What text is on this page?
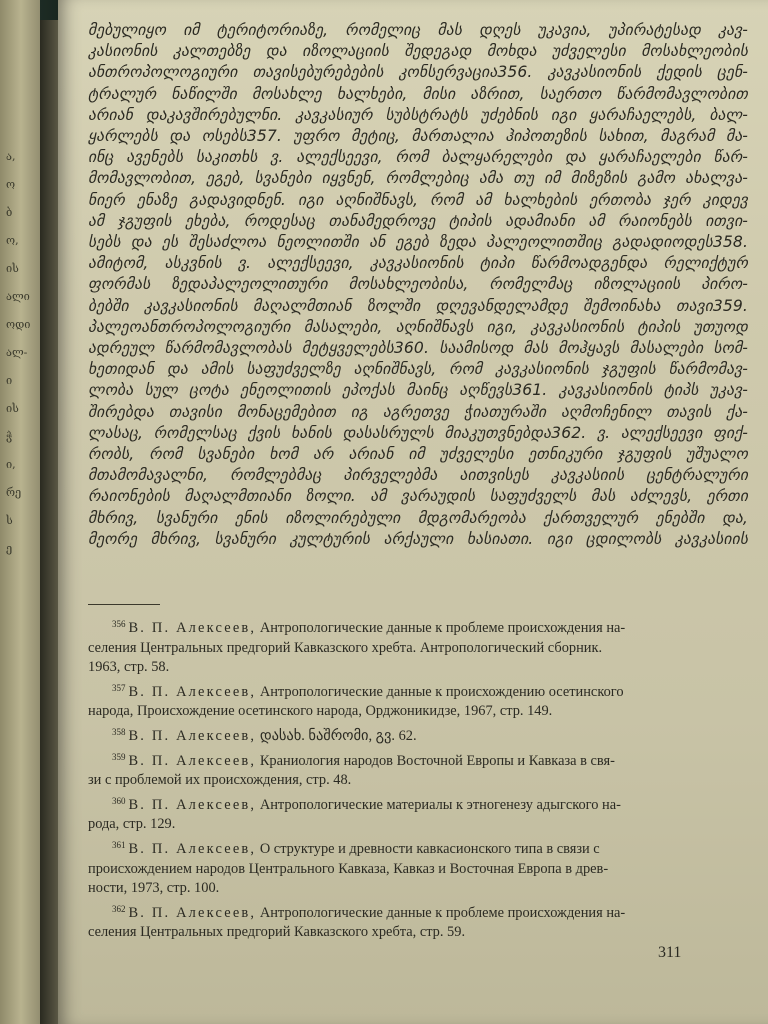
ა,
ო
ბ
ო,
ის
ალი
ოდი
ალ-
ი
ის
ჭ
ი,
რე
ს
ე

მებულიყო იმ ტერიტორიაზე, რომელიც მას დღეს უკავია, უპირატესად კავ-

კასიონის კალთებზე და იზოლაციის შედეგად მოხდა უძველესი მოსახლეობის

ანთროპოლოგიური თავისებურებების კონსერვაცია356. კავკასიონის ქედის ცენ-

ტრალურ ნაწილში მოსახლე ხალხები, მისი აზრით, საერთო წარმომავლობით

არიან დაკავშირებულნი. კავკასიურ სუბსტრატს უძებნის იგი ყარაჩაელებს, ბალ-

ყარლებს და ოსებს357. უფრო მეტიც, მართალია ჰიპოთეზის სახით, მაგრამ მა-

ინც ავენებს საკითხს ვ. ალექსეევი, რომ ბალყარელები და ყარაჩაელები წარ-

მომავლობით, ეგებ, სვანები იყვნენ, რომლებიც ამა თუ იმ მიზეზის გამო ახალვა-

ნიერ ენაზე გადავიდნენ. იგი აღნიშნავს, რომ ამ ხალხების ერთობა ჯერ კიდევ

ამ ჯგუფის ეხება, როდესაც თანამედროვე ტიპის ადამიანი ამ რაიონებს ითვი-

სებს და ეს შესაძლოა ნეოლითში ან ეგებ ზედა პალეოლითშიც გადადიოდეს358.

ამიტომ, ასკვნის ვ. ალექსეევი, კავკასიონის ტიპი წარმოადგენდა რელიქტურ

ფორმას ზედაპალეოლითური მოსახლეობისა, რომელმაც იზოლაციის პირო-

ბებში კავკასიონის მაღალმთიან ზოლში დღევანდელამდე შემოინახა თავი359.

პალეოანთროპოლოგიური მასალები, აღნიშნავს იგი, კავკასიონის ტიპის უთუოდ

ადრეულ წარმომავლობას მეტყველებს360. საამისოდ მას მოჰყავს მასალები სომ-

ხეთიდან და ამის საფუძველზე აღნიშნავს, რომ კავკასიონის ჯგუფის წარმომავ-

ლობა სულ ცოტა ენეოლითის ეპოქას მაინც აღწევს361. კავკასიონის ტიპს უკავ-

შირებდა თავისი მონაცემებით იგ აგრეთვე ჭიათურაში აღმოჩენილ თავის ქა-

ლასაც, რომელსაც ქვის ხანის დასასრულს მიაკუთვნებდა362. ვ. ალექსეევი ფიქ-

რობს, რომ სვანები ხომ არ არიან იმ უძველესი ეთნიკური ჯგუფის უშუალო

მთამომავალნი, რომლებმაც პირველებმა აითვისეს კავკასიის ცენტრალური

რაიონების მაღალმთიანი ზოლი. ამ ვარაუდის საფუძველს მას აძლევს, ერთი

მხრივ, სვანური ენის იზოლირებული მდგომარეობა ქართველურ ენებში და,

მეორე მხრივ, სვანური კულტურის არქაული ხასიათი. იგი ცდილობს კავკასიის

$^{356}$ В. П. Алексеев, Антропологические данные к проблеме происхождения на-
селения Центральных предгорий Кавказского хребта. Антропологический сборник.
1963, стр. 58.
$^{357}$ В. П. Алексеев, Антропологические данные к происхождению осетинского
народа, Происхождение осетинского народа, Орджоникидзе, 1967, стр. 149.
$^{358}$ В. П. Алексеев, დასახ. ნაშრომი, გვ. 62.
$^{359}$ В. П. Алексеев, Краниология народов Восточной Европы и Кавказа в свя-
зи с проблемой их происхождения, стр. 48.
$^{360}$ В. П. Алексеев, Антропологические материалы к этногенезу адыгского на-
рода, стр. 129.
$^{361}$ В. П. Алексеев, О структуре и древности кавкасионского типа в связи с
происхождением народов Центрального Кавказа, Кавказ и Восточная Европа в древ-
ности, 1973, стр. 100.
$^{362}$ В. П. Алексеев, Антропологические данные к проблеме происхождения на-
селения Центральных предгорий Кавказского хребта, стр. 59.
311
